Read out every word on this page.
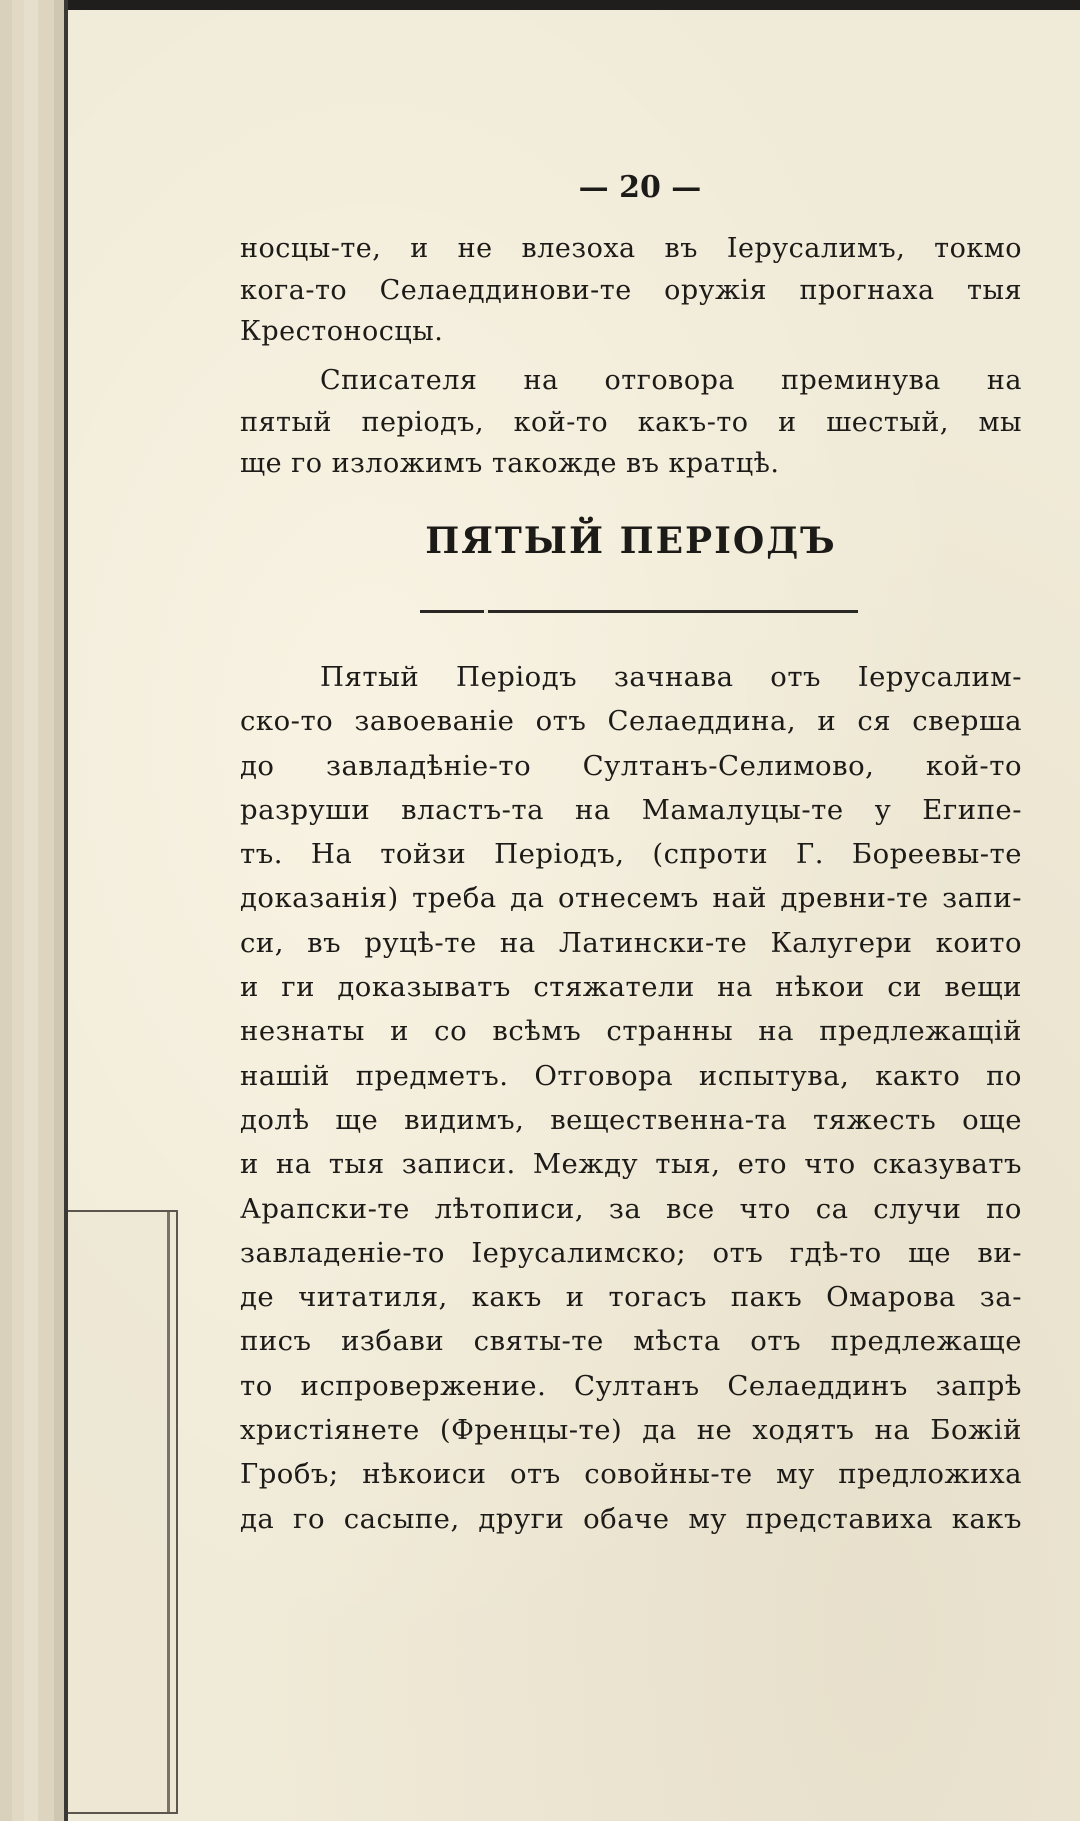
— 20 —
носцы-те, и не влезоха въ Iерусалимъ, токмо
кога-то Селаеддинови-те оружія прогнаха тыя
Крестоносцы.
Списателя на отговора преминува на
пятый періодъ, кой-то какъ-то и шестый, мы
ще го изложимъ такожде въ кратцѣ.
ПЯТЫЙ ПЕРІОДЪ
Пятый Періодъ зачнава отъ Iерусалим-
ско-то завоеваніе отъ Селаеддина, и ся сверша
до завладѣніе-то Султанъ-Селимово, кой-то
разруши властъ-та на Мамалуцы-те у Египе-
тъ. На тойзи Періодъ, (спроти Г. Бореевы-те
доказанія) треба да отнесемъ най древни-те запи-
си, въ руцѣ-те на Латински-те Калугери които
и ги доказыватъ стяжатели на нѣкои си вещи
незнаты и со всѣмъ странны на предлежащій
нашій предметъ. Отговора испытува, както по
долѣ ще видимъ, вещественна-та тяжесть още
и на тыя записи. Между тыя, ето что сказуватъ
Арапски-те лѣтописи, за все что са случи по
завладеніе-то Iерусалимско; отъ гдѣ-то ще ви-
де читатиля, какъ и тогасъ пакъ Омарова за-
писъ избави святы-те мѣста отъ предлежаще
то испровержение. Султанъ Селаеддинъ запрѣ
христіянете (Френцы-те) да не ходятъ на Божій
Гробъ; нѣкоиси отъ совойны-те му предложиха
да го сасыпе, други обаче му представиха какъ
